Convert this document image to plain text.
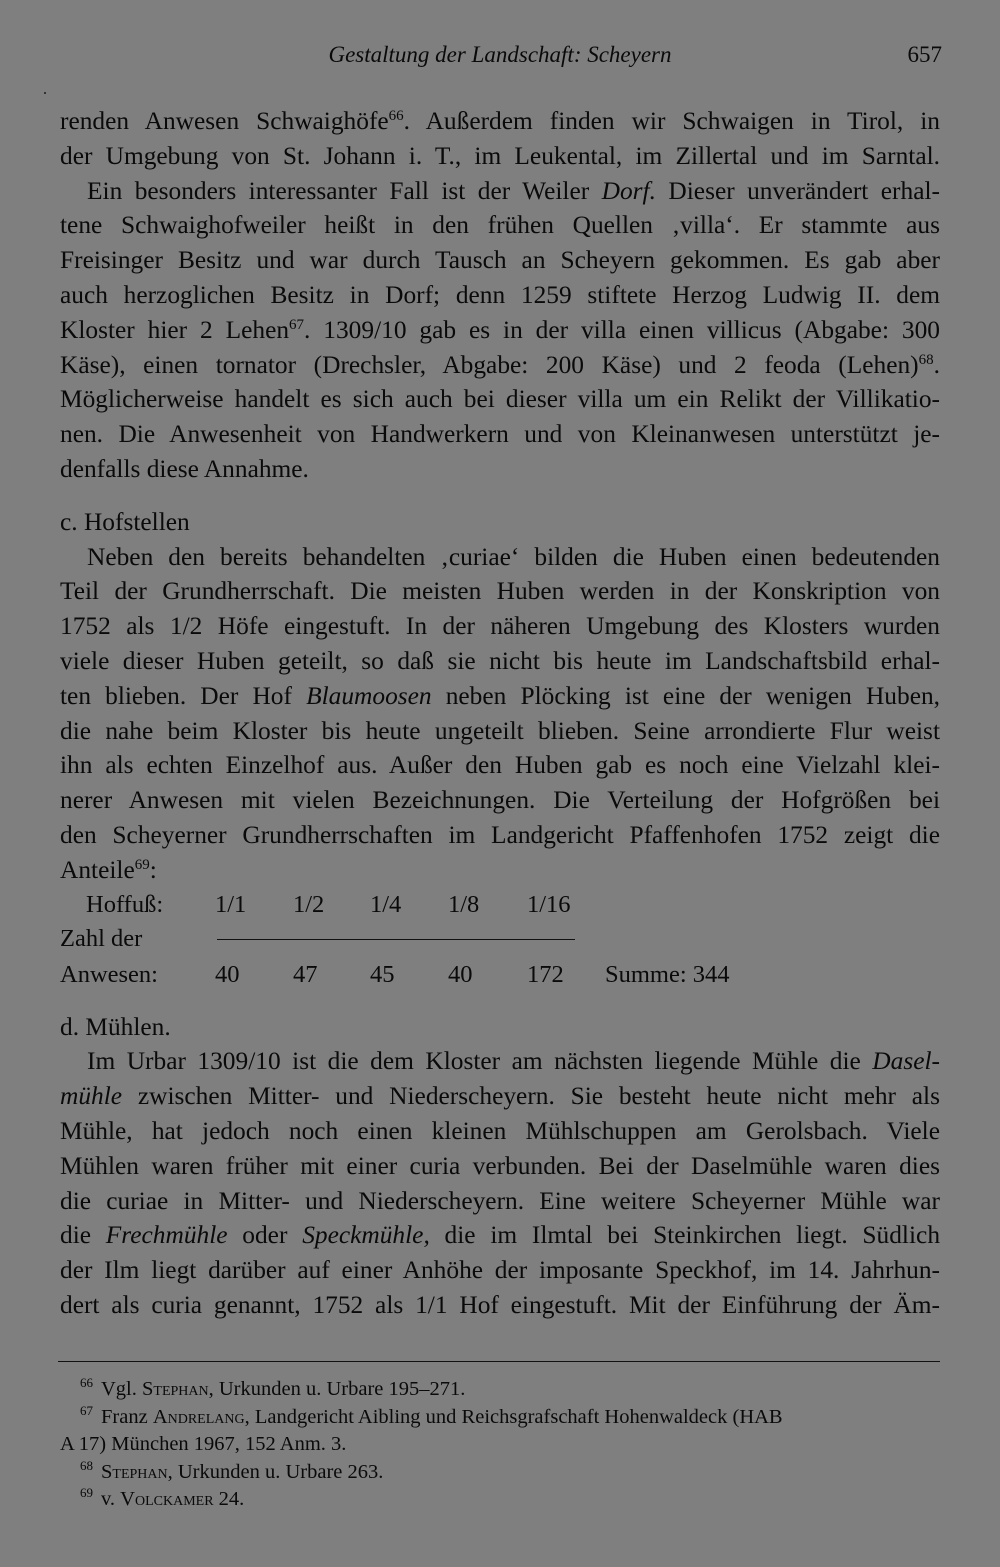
Gestaltung der Landschaft: Scheyern	657

renden Anwesen Schwaighöfe$^{66}$. Außerdem finden wir Schwaigen in Tirol, in

der Umgebung von St. Johann i. T., im Leukental, im Zillertal und im Sarntal.

Ein besonders interessanter Fall ist der Weiler Dorf. Dieser unverändert erhal-

tene Schwaighofweiler heißt in den frühen Quellen ‚villa‘. Er stammte aus

Freisinger Besitz und war durch Tausch an Scheyern gekommen. Es gab aber

auch herzoglichen Besitz in Dorf; denn 1259 stiftete Herzog Ludwig II. dem

Kloster hier 2 Lehen$^{67}$. 1309/10 gab es in der villa einen villicus (Abgabe: 300

Käse), einen tornator (Drechsler, Abgabe: 200 Käse) und 2 feoda (Lehen)$^{68}$.

Möglicherweise handelt es sich auch bei dieser villa um ein Relikt der Villikatio-

nen. Die Anwesenheit von Handwerkern und von Kleinanwesen unterstützt je-

denfalls diese Annahme.

c. Hofstellen

Neben den bereits behandelten ‚curiae‘ bilden die Huben einen bedeutenden

Teil der Grundherrschaft. Die meisten Huben werden in der Konskription von

1752 als 1/2 Höfe eingestuft. In der näheren Umgebung des Klosters wurden

viele dieser Huben geteilt, so daß sie nicht bis heute im Landschaftsbild erhal-

ten blieben. Der Hof Blaumoosen neben Plöcking ist eine der wenigen Huben,

die nahe beim Kloster bis heute ungeteilt blieben. Seine arrondierte Flur weist

ihn als echten Einzelhof aus. Außer den Huben gab es noch eine Vielzahl klei-

nerer Anwesen mit vielen Bezeichnungen. Die Verteilung der Hofgrößen bei

den Scheyerner Grundherrschaften im Landgericht Pfaffenhofen 1752 zeigt die

Anteile$^{69}$:

Hoffuß: 1/1 1/2 1/4 1/8 1/16
Zahl der
Anwesen: 40 47 45 40 172 Summe: 344

d. Mühlen.

Im Urbar 1309/10 ist die dem Kloster am nächsten liegende Mühle die Dasel-

mühle zwischen Mitter- und Niederscheyern. Sie besteht heute nicht mehr als

Mühle, hat jedoch noch einen kleinen Mühlschuppen am Gerolsbach. Viele

Mühlen waren früher mit einer curia verbunden. Bei der Daselmühle waren dies

die curiae in Mitter- und Niederscheyern. Eine weitere Scheyerner Mühle war

die Frechmühle oder Speckmühle, die im Ilmtal bei Steinkirchen liegt. Südlich

der Ilm liegt darüber auf einer Anhöhe der imposante Speckhof, im 14. Jahrhun-

dert als curia genannt, 1752 als 1/1 Hof eingestuft. Mit der Einführung der Äm-

$^{66}$ Vgl. Stephan, Urkunden u. Urbare 195–271.

$^{67}$ Franz Andrelang, Landgericht Aibling und Reichsgrafschaft Hohenwaldeck (HAB

A 17) München 1967, 152 Anm. 3.

$^{68}$ Stephan, Urkunden u. Urbare 263.

$^{69}$ v. Volckamer 24.
